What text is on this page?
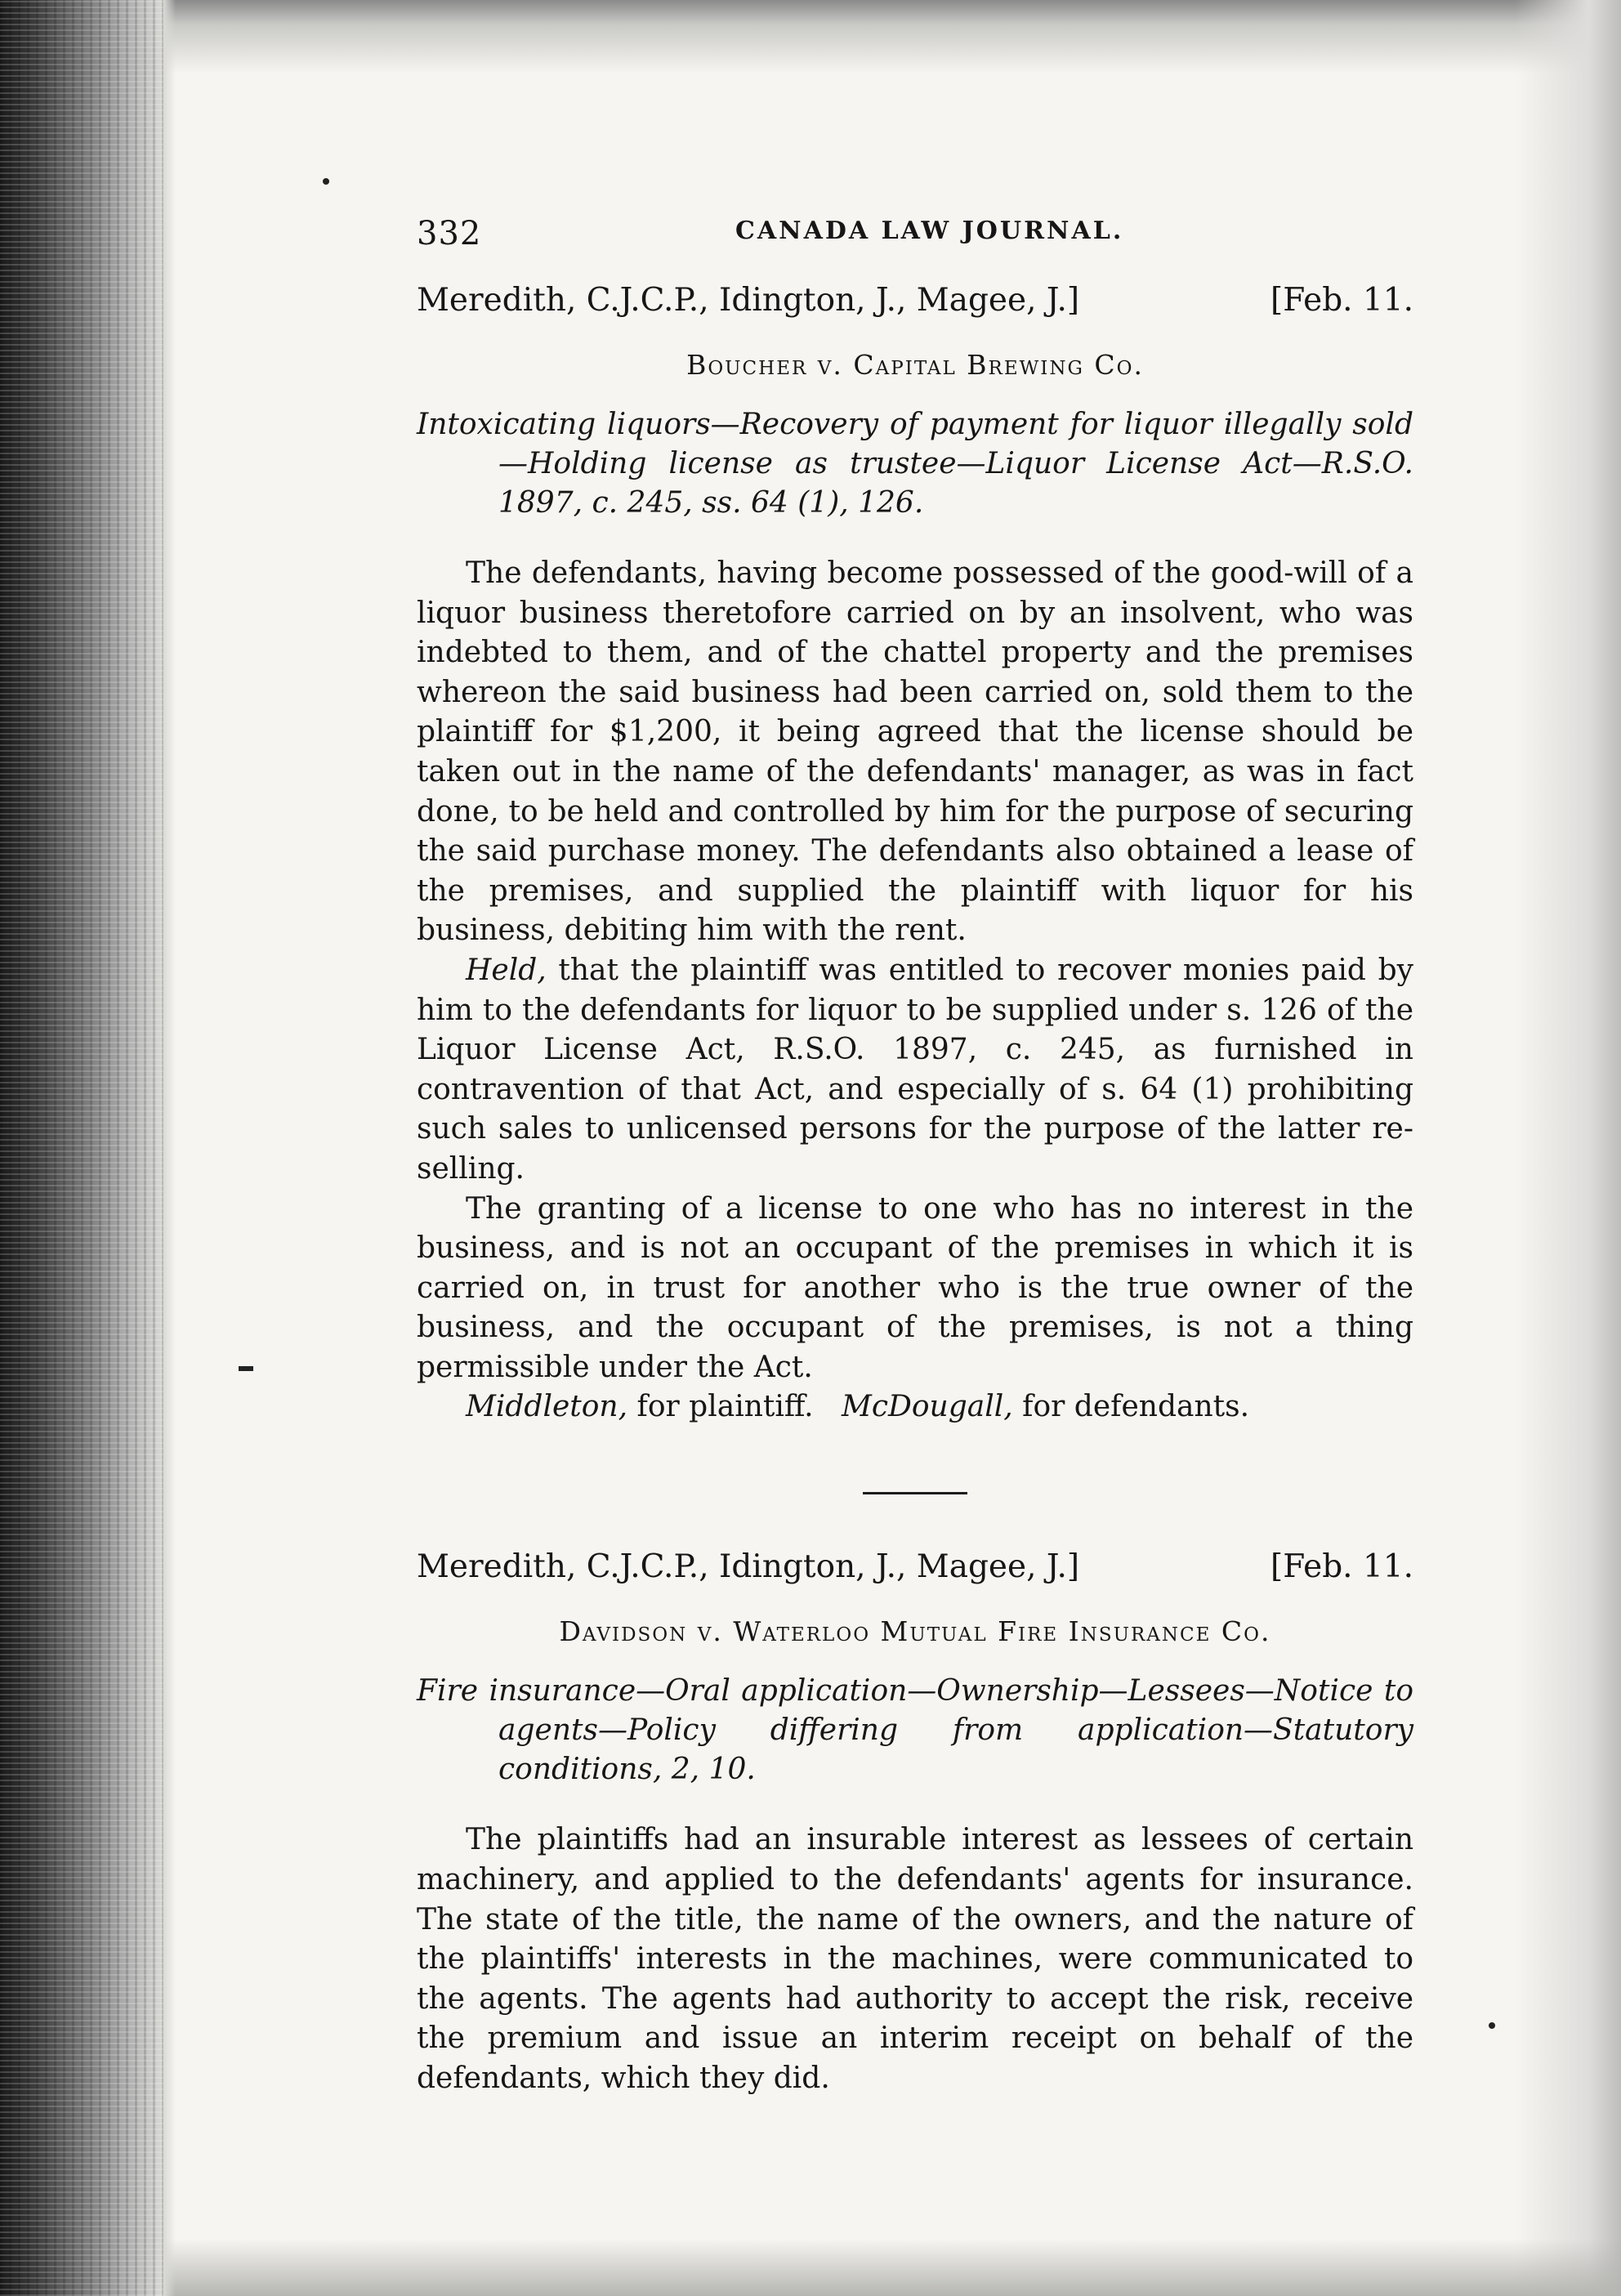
332	CANADA LAW JOURNAL.
Meredith, C.J.C.P., Idington, J., Magee, J.]	[Feb. 11.
Boucher v. Capital Brewing Co.
Intoxicating liquors—Recovery of payment for liquor illegally sold—Holding license as trustee—Liquor License Act—R.S.O. 1897, c. 245, ss. 64 (1), 126.

The defendants, having become possessed of the good-will of a liquor business theretofore carried on by an insolvent, who was indebted to them, and of the chattel property and the premises whereon the said business had been carried on, sold them to the plaintiff for $1,200, it being agreed that the license should be taken out in the name of the defendants' manager, as was in fact done, to be held and controlled by him for the purpose of securing the said purchase money. The defendants also obtained a lease of the premises, and supplied the plaintiff with liquor for his business, debiting him with the rent.

Held, that the plaintiff was entitled to recover monies paid by him to the defendants for liquor to be supplied under s. 126 of the Liquor License Act, R.S.O. 1897, c. 245, as furnished in contravention of that Act, and especially of s. 64 (1) prohibiting such sales to unlicensed persons for the purpose of the latter re-selling.

The granting of a license to one who has no interest in the business, and is not an occupant of the premises in which it is carried on, in trust for another who is the true owner of the business, and the occupant of the premises, is not a thing permissible under the Act.

Middleton, for plaintiff. McDougall, for defendants.
Meredith, C.J.C.P., Idington, J., Magee, J.]	[Feb. 11.
Davidson v. Waterloo Mutual Fire Insurance Co.
Fire insurance—Oral application—Ownership—Lessees—Notice to agents—Policy differing from application—Statutory conditions, 2, 10.

The plaintiffs had an insurable interest as lessees of certain machinery, and applied to the defendants' agents for insurance. The state of the title, the name of the owners, and the nature of the plaintiffs' interests in the machines, were communicated to the agents. The agents had authority to accept the risk, receive the premium and issue an interim receipt on behalf of the defendants, which they did.
